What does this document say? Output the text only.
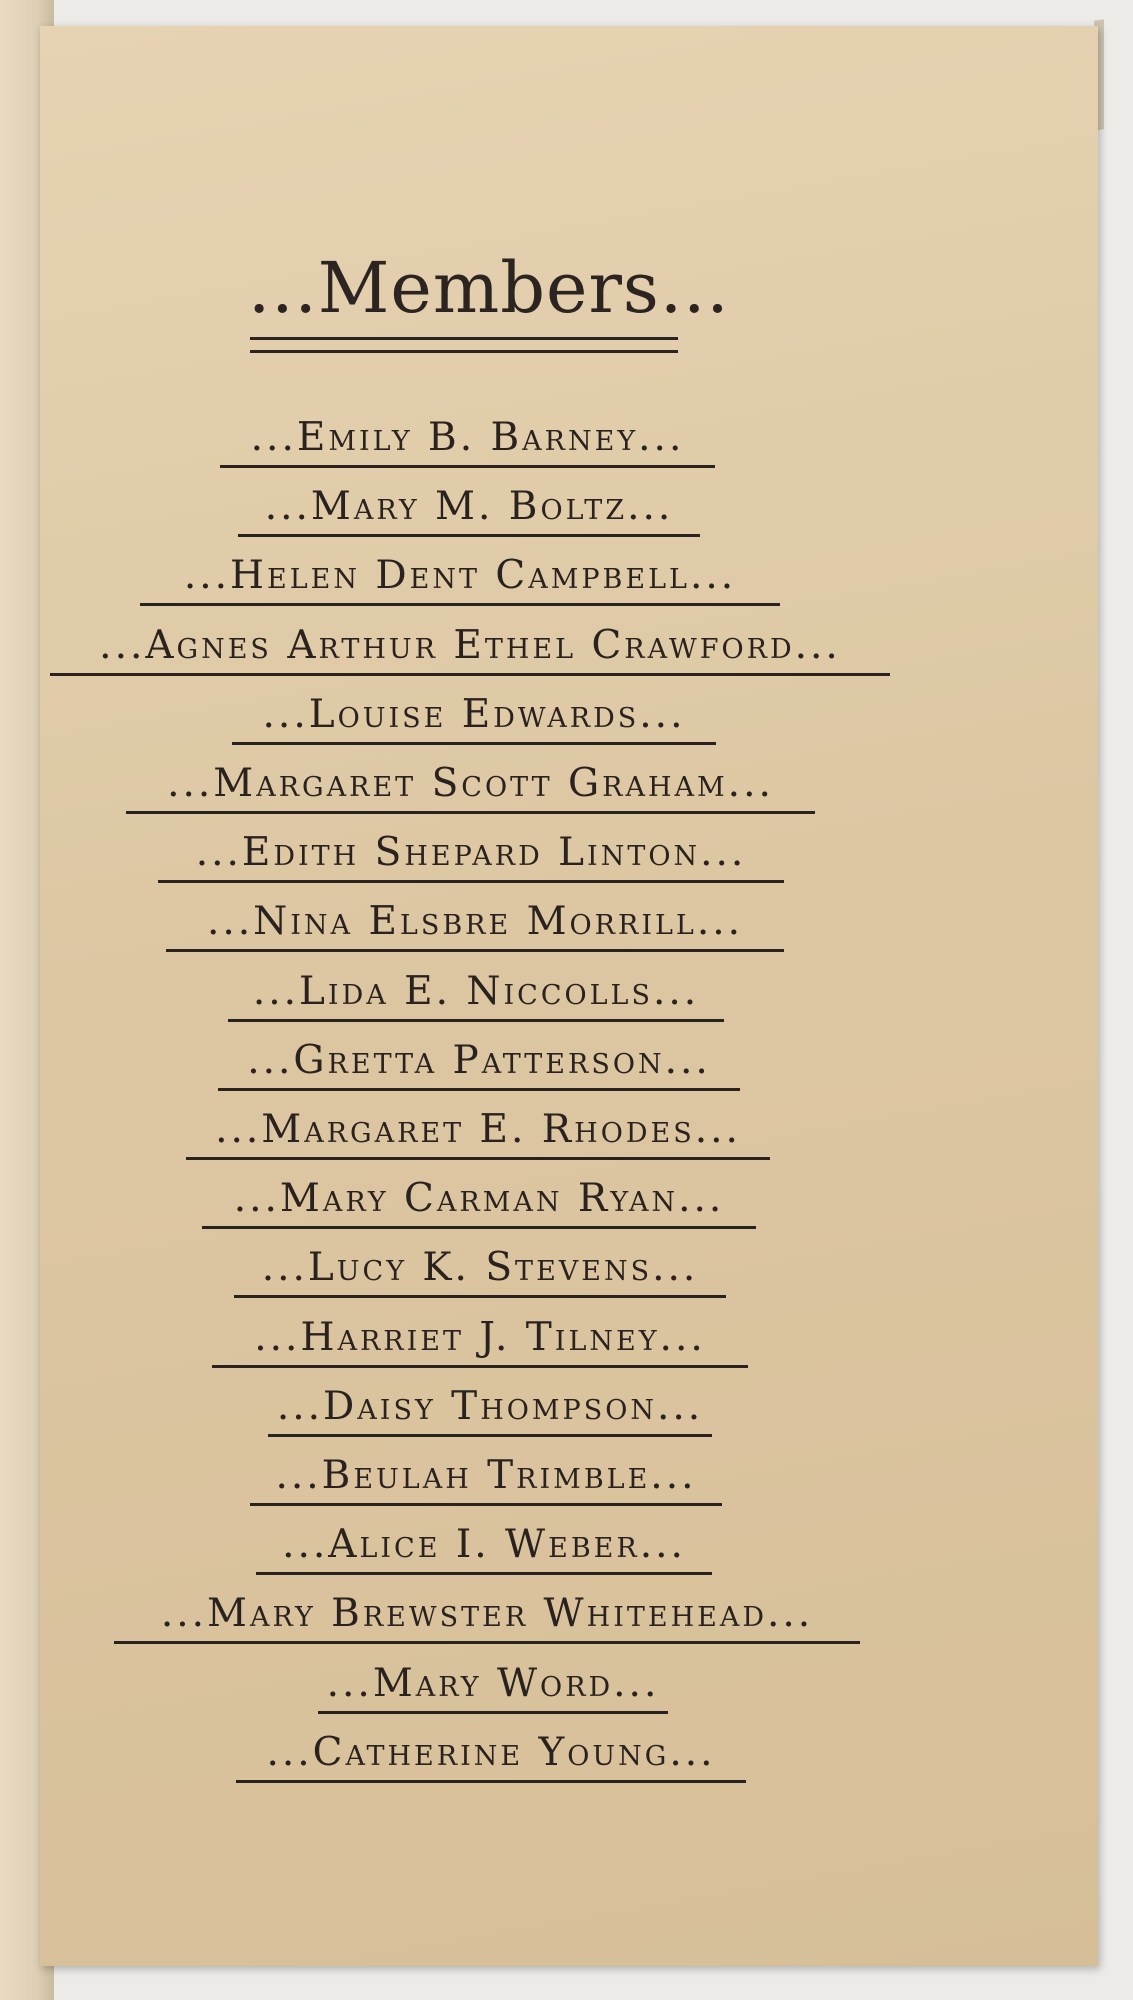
...Members...
...Emily B. Barney...
...Mary M. Boltz...
...Helen Dent Campbell...
...Agnes Arthur Ethel Crawford...
...Louise Edwards...
...Margaret Scott Graham...
...Edith Shepard Linton...
...Nina Elsbre Morrill...
...Lida E. Niccolls...
...Gretta Patterson...
...Margaret E. Rhodes...
...Mary Carman Ryan...
...Lucy K. Stevens...
...Harriet J. Tilney...
...Daisy Thompson...
...Beulah Trimble...
...Alice I. Weber...
...Mary Brewster Whitehead...
...Mary Word...
...Catherine Young...
